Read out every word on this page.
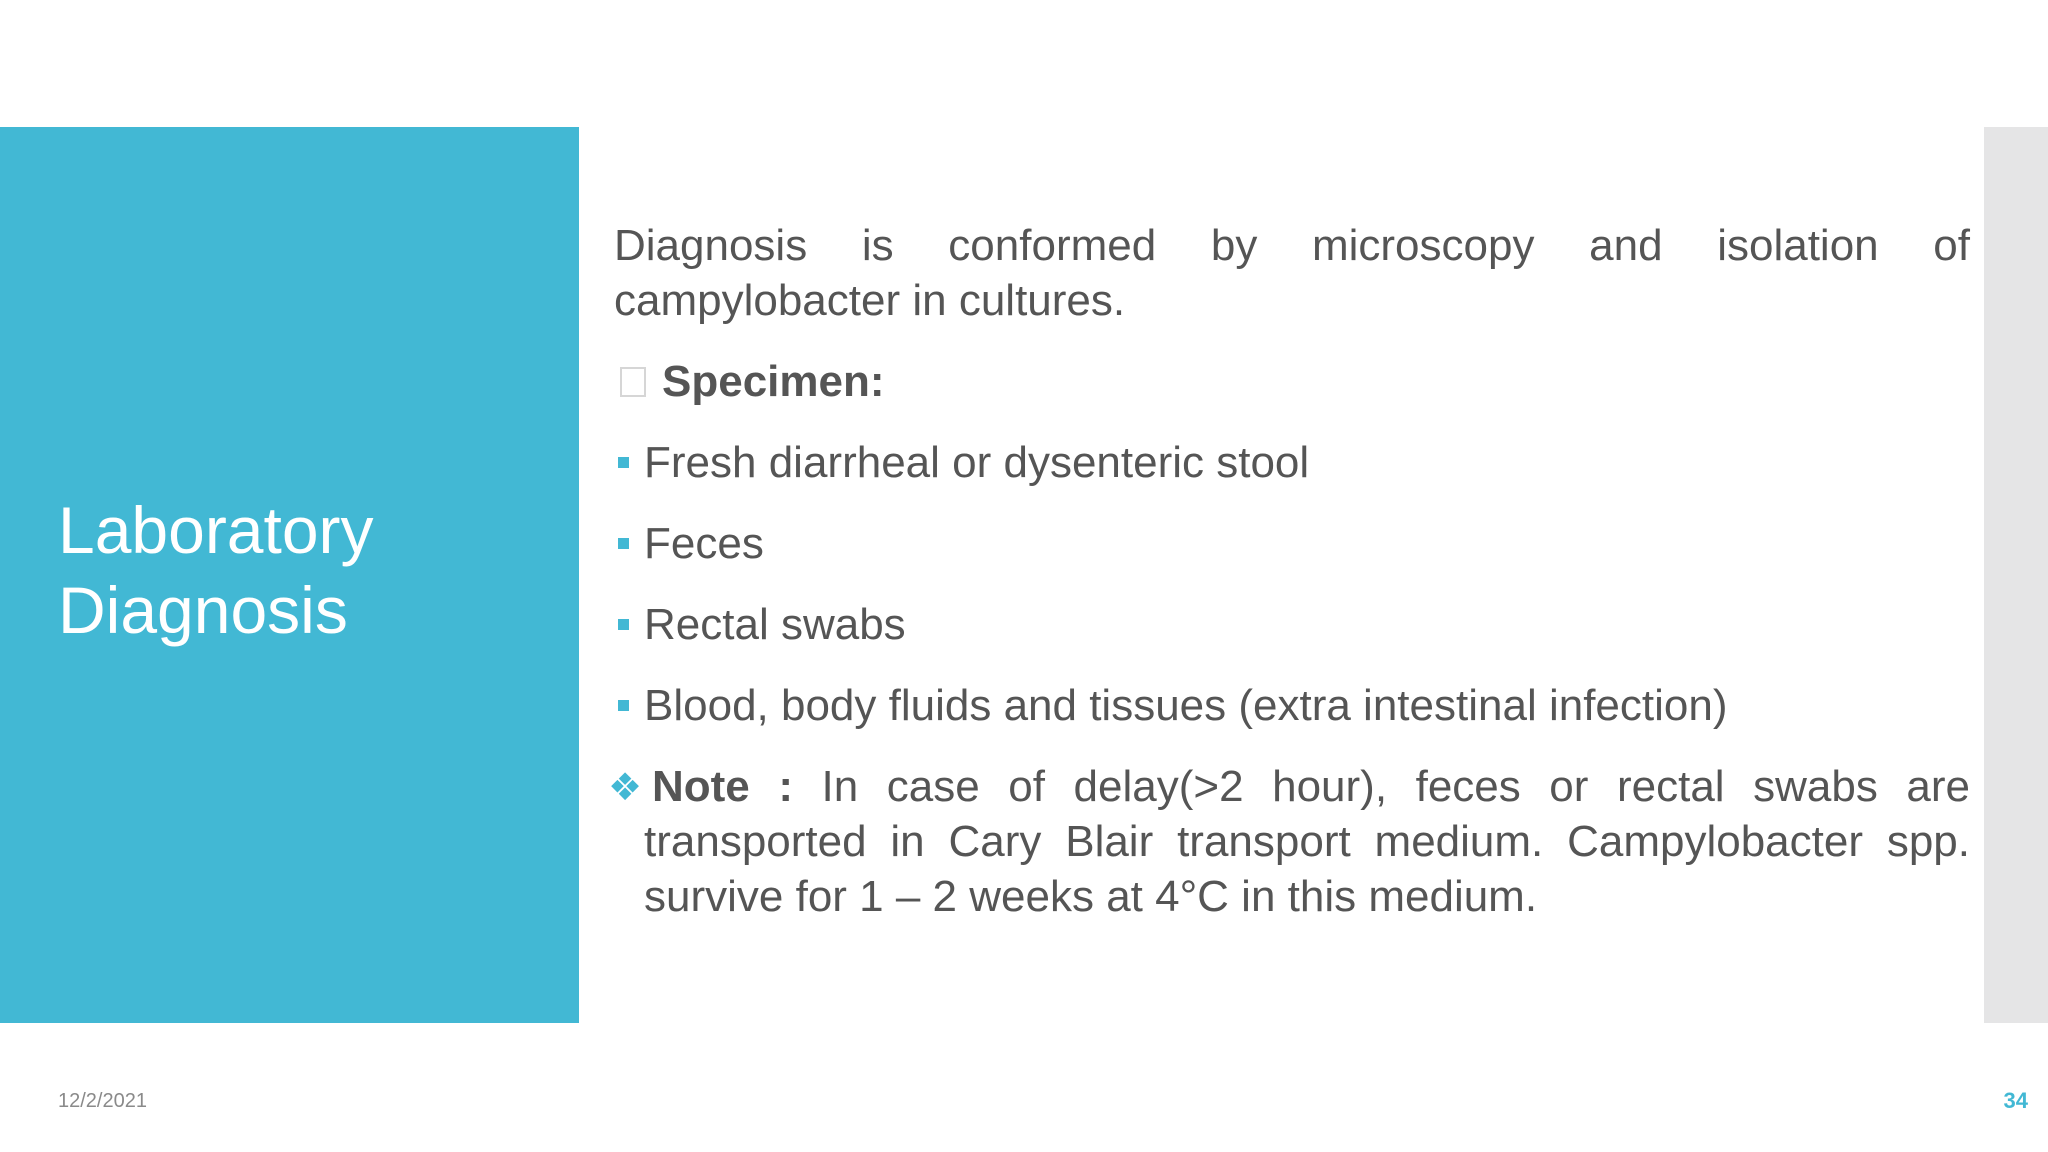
Laboratory
Diagnosis

Diagnosis is conformed by microscopy and isolation of campylobacter in cultures.

Specimen:
Fresh diarrheal or dysenteric stool
Feces
Rectal swabs
Blood, body fluids and tissues (extra intestinal infection)

❖ Note : In case of delay(>2 hour), feces or rectal swabs are transported in Cary Blair transport medium. Campylobacter spp. survive for 1 – 2 weeks at 4°C in this medium.

12/2/2021	34
